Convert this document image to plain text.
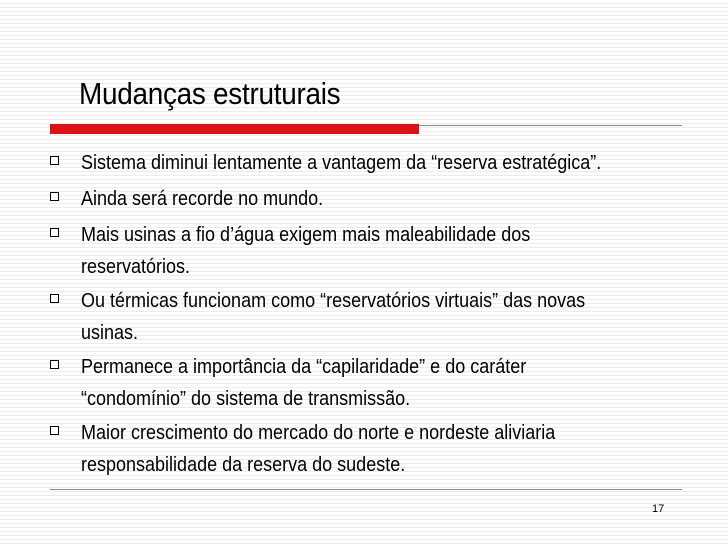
Mudanças estruturais
Sistema diminui lentamente a vantagem da “reserva estratégica”.
Ainda será recorde no mundo.
Mais usinas a fio d’água exigem mais maleabilidade dos
reservatórios.
Ou térmicas funcionam como “reservatórios virtuais” das novas
usinas.
Permanece a importância da “capilaridade” e do caráter
“condomínio” do sistema de transmissão.
Maior crescimento do mercado do norte e nordeste aliviaria
responsabilidade da reserva do sudeste.
17
